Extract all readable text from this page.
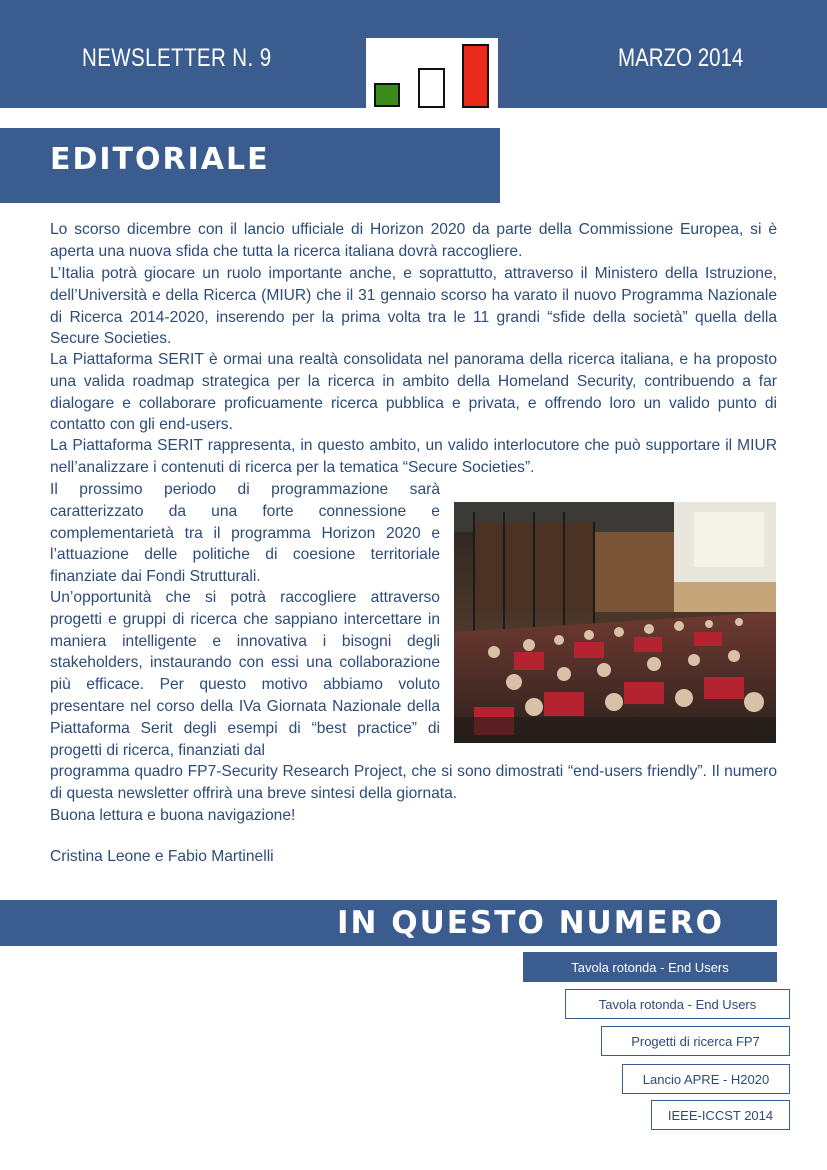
NEWSLETTER N. 9	MARZO 2014
EDITORIALE
Lo scorso dicembre con il lancio ufficiale di Horizon 2020 da parte della Commissione Europea, si è aperta una nuova sfida che tutta la ricerca italiana dovrà raccogliere.
L’Italia potrà giocare un ruolo importante anche, e soprattutto, attraverso il Ministero della Istruzione, dell’Università e della Ricerca (MIUR) che il 31 gennaio scorso ha varato il nuovo Programma Nazionale di Ricerca 2014-2020, inserendo per la prima volta tra le 11 grandi “sfide della società” quella della Secure Societies.
La Piattaforma SERIT è ormai una realtà consolidata nel panorama della ricerca italiana, e ha proposto una valida roadmap strategica per la ricerca in ambito della Homeland Security, contribuendo a far dialogare e collaborare proficuamente ricerca pubblica e privata, e offrendo loro un valido punto di contatto con gli end-users.
La Piattaforma SERIT rappresenta, in questo ambito, un valido interlocutore che può supportare il MIUR nell’analizzare i contenuti di ricerca per la tematica “Secure Societies”.
Il prossimo periodo di programmazione sarà caratterizzato da una forte connessione e complementarietà tra il programma Horizon 2020 e l’attuazione delle politiche di coesione territoriale finanziate dai Fondi Strutturali.
Un’opportunità che si potrà raccogliere attraverso progetti e gruppi di ricerca che sappiano intercettare in maniera intelligente e innovativa i bisogni degli stakeholders, instaurando con essi una collaborazione più efficace. Per questo motivo abbiamo voluto presentare nel corso della IVa Giornata Nazionale della Piattaforma Serit degli esempi di “best practice” di progetti di ricerca, finanziati dal
programma quadro FP7-Security Research Project, che si sono dimostrati “end-users friendly”. Il numero di questa newsletter offrirà una breve sintesi della giornata.
Buona lettura e buona navigazione!
Cristina Leone e Fabio Martinelli
IN QUESTO NUMERO
Tavola rotonda - End Users
Tavola rotonda - End Users
Progetti di ricerca FP7
Lancio APRE - H2020
IEEE-ICCST 2014
